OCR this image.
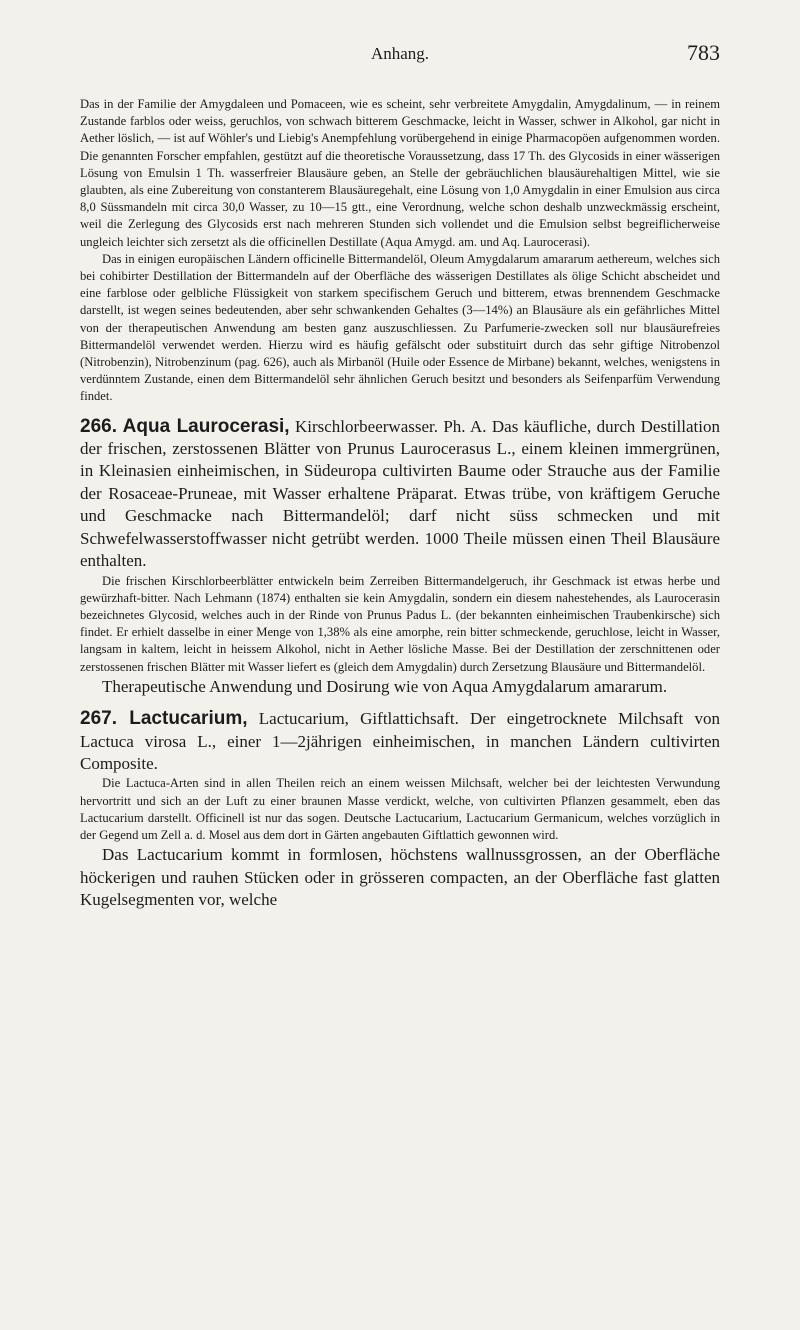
Anhang.	783

Das in der Familie der Amygdaleen und Pomaceen, wie es scheint, sehr verbreitete Amygdalin, Amygdalinum, — in reinem Zustande farblos oder weiss, geruchlos, von schwach bitterem Geschmacke, leicht in Wasser, schwer in Alkohol, gar nicht in Aether löslich, — ist auf Wöhler's und Liebig's Anempfehlung vorübergehend in einige Pharmacopöen aufgenommen worden. Die genannten Forscher empfahlen, gestützt auf die theoretische Voraussetzung, dass 17 Th. des Glycosids in einer wässerigen Lösung von Emulsin 1 Th. wasserfreier Blausäure geben, an Stelle der gebräuchlichen blausäurehaltigen Mittel, wie sie glaubten, als eine Zubereitung von constanterem Blausäuregehalt, eine Lösung von 1,0 Amygdalin in einer Emulsion aus circa 8,0 Süssmandeln mit circa 30,0 Wasser, zu 10—15 gtt., eine Verordnung, welche schon deshalb unzweckmässig erscheint, weil die Zerlegung des Glycosids erst nach mehreren Stunden sich vollendet und die Emulsion selbst begreiflicherweise ungleich leichter sich zersetzt als die officinellen Destillate (Aqua Amygd. am. und Aq. Laurocerasi).

Das in einigen europäischen Ländern officinelle Bittermandelöl, Oleum Amygdalarum amararum aethereum, welches sich bei cohibirter Destillation der Bittermandeln auf der Oberfläche des wässerigen Destillates als ölige Schicht abscheidet und eine farblose oder gelbliche Flüssigkeit von starkem specifischem Geruch und bitterem, etwas brennendem Geschmacke darstellt, ist wegen seines bedeutenden, aber sehr schwankenden Gehaltes (3—14%) an Blausäure als ein gefährliches Mittel von der therapeutischen Anwendung am besten ganz auszuschliessen. Zu Parfumerie-zwecken soll nur blausäurefreies Bittermandelöl verwendet werden. Hierzu wird es häufig gefälscht oder substituirt durch das sehr giftige Nitrobenzol (Nitrobenzin), Nitrobenzinum (pag. 626), auch als Mirbanöl (Huile oder Essence de Mirbane) bekannt, welches, wenigstens in verdünntem Zustande, einen dem Bittermandelöl sehr ähnlichen Geruch besitzt und besonders als Seifenparfüm Verwendung findet.

266. Aqua Laurocerasi, Kirschlorbeerwasser. Ph. A. Das käufliche, durch Destillation der frischen, zerstossenen Blätter von Prunus Laurocerasus L., einem kleinen immergrünen, in Kleinasien einheimischen, in Südeuropa cultivirten Baume oder Strauche aus der Familie der Rosaceae-Pruneae, mit Wasser erhaltene Präparat. Etwas trübe, von kräftigem Geruche und Geschmacke nach Bittermandelöl; darf nicht süss schmecken und mit Schwefelwasserstoffwasser nicht getrübt werden. 1000 Theile müssen einen Theil Blausäure enthalten.

Die frischen Kirschlorbeerblätter entwickeln beim Zerreiben Bittermandelgeruch, ihr Geschmack ist etwas herbe und gewürzhaft-bitter. Nach Lehmann (1874) enthalten sie kein Amygdalin, sondern ein diesem nahestehendes, als Laurocerasin bezeichnetes Glycosid, welches auch in der Rinde von Prunus Padus L. (der bekannten einheimischen Traubenkirsche) sich findet. Er erhielt dasselbe in einer Menge von 1,38% als eine amorphe, rein bitter schmeckende, geruchlose, leicht in Wasser, langsam in kaltem, leicht in heissem Alkohol, nicht in Aether lösliche Masse. Bei der Destillation der zerschnittenen oder zerstossenen frischen Blätter mit Wasser liefert es (gleich dem Amygdalin) durch Zersetzung Blausäure und Bittermandelöl.

Therapeutische Anwendung und Dosirung wie von Aqua Amygdalarum amararum.

267. Lactucarium, Lactucarium, Giftlattichsaft. Der eingetrocknete Milchsaft von Lactuca virosa L., einer 1—2jährigen einheimischen, in manchen Ländern cultivirten Composite.

Die Lactuca-Arten sind in allen Theilen reich an einem weissen Milchsaft, welcher bei der leichtesten Verwundung hervortritt und sich an der Luft zu einer braunen Masse verdickt, welche, von cultivirten Pflanzen gesammelt, eben das Lactucarium darstellt. Officinell ist nur das sogen. Deutsche Lactucarium, Lactucarium Germanicum, welches vorzüglich in der Gegend um Zell a. d. Mosel aus dem dort in Gärten angebauten Giftlattich gewonnen wird.

Das Lactucarium kommt in formlosen, höchstens wallnussgrossen, an der Oberfläche höckerigen und rauhen Stücken oder in grösseren compacten, an der Oberfläche fast glatten Kugelsegmenten vor, welche
